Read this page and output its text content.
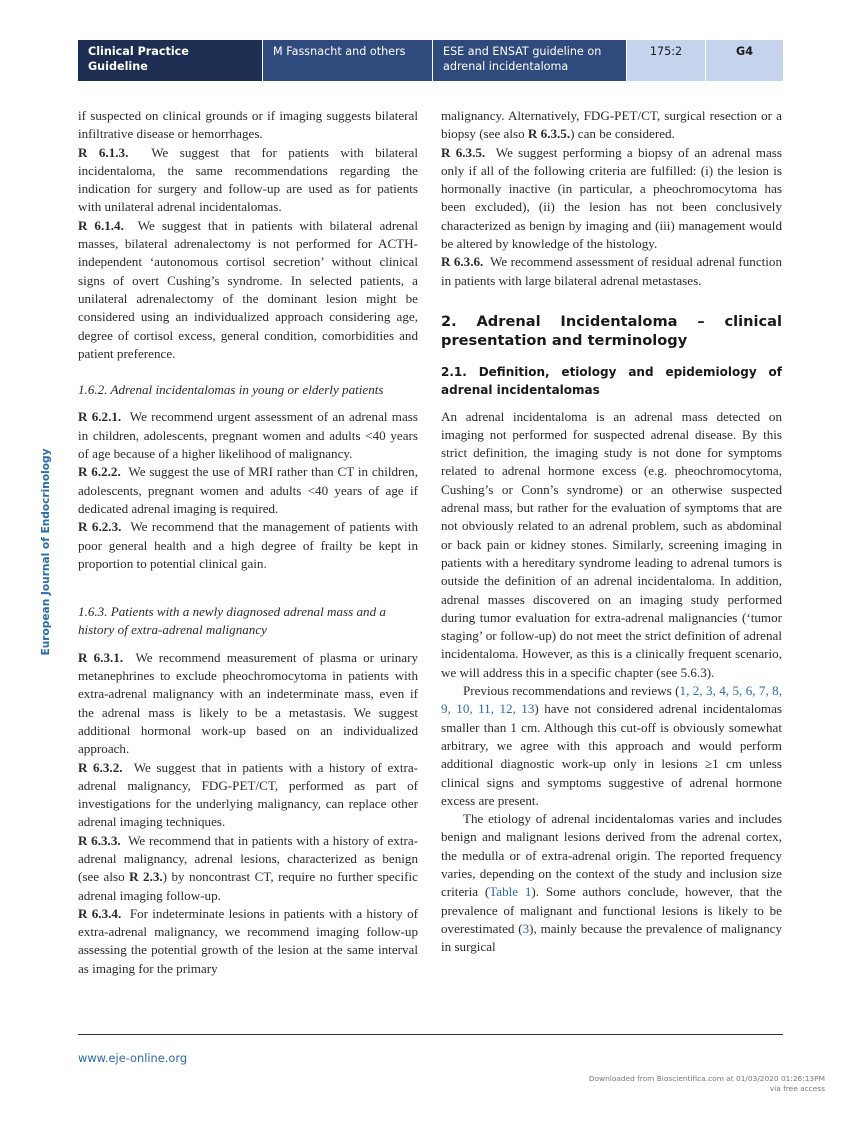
Clinical Practice Guideline
M Fassnacht and others	ESE and ENSAT guideline on
adrenal incidentaloma
175:2	G4
European Journal of Endocrinology

if suspected on clinical grounds or if imaging suggests bilateral infiltrative disease or hemorrhages.

R 6.1.3. We suggest that for patients with bilateral incidentaloma, the same recommendations regarding the indication for surgery and follow-up are used as for patients with unilateral adrenal incidentalomas.

R 6.1.4. We suggest that in patients with bilateral adrenal masses, bilateral adrenalectomy is not performed for ACTH-independent ‘autonomous cortisol secretion’ without clinical signs of overt Cushing’s syndrome. In selected patients, a unilateral adrenalectomy of the dominant lesion might be considered using an individualized approach considering age, degree of cortisol excess, general condition, comorbidities and patient preference.

1.6.2. Adrenal incidentalomas in young or elderly patients

R 6.2.1. We recommend urgent assessment of an adrenal mass in children, adolescents, pregnant women and adults <40 years of age because of a higher likelihood of malignancy.

R 6.2.2. We suggest the use of MRI rather than CT in children, adolescents, pregnant women and adults <40 years of age if dedicated adrenal imaging is required.

R 6.2.3. We recommend that the management of patients with poor general health and a high degree of frailty be kept in proportion to potential clinical gain.

1.6.3. Patients with a newly diagnosed adrenal mass and a history of extra-adrenal malignancy

R 6.3.1. We recommend measurement of plasma or urinary metanephrines to exclude pheochromocytoma in patients with extra-adrenal malignancy with an indeterminate mass, even if the adrenal mass is likely to be a metastasis. We suggest additional hormonal work-up based on an individualized approach.

R 6.3.2. We suggest that in patients with a history of extra-adrenal malignancy, FDG-PET/CT, performed as part of investigations for the underlying malignancy, can replace other adrenal imaging techniques.

R 6.3.3. We recommend that in patients with a history of extra-adrenal malignancy, adrenal lesions, characterized as benign (see also R 2.3.) by noncontrast CT, require no further specific adrenal imaging follow-up.

R 6.3.4. For indeterminate lesions in patients with a history of extra-adrenal malignancy, we recommend imaging follow-up assessing the potential growth of the lesion at the same interval as imaging for the primary

malignancy. Alternatively, FDG-PET/CT, surgical resection or a biopsy (see also R 6.3.5.) can be considered.

R 6.3.5. We suggest performing a biopsy of an adrenal mass only if all of the following criteria are fulfilled: (i) the lesion is hormonally inactive (in particular, a pheochromocytoma has been excluded), (ii) the lesion has not been conclusively characterized as benign by imaging and (iii) management would be altered by knowledge of the histology.

R 6.3.6. We recommend assessment of residual adrenal function in patients with large bilateral adrenal metastases.

2. Adrenal Incidentaloma – clinical presentation and terminology

2.1. Definition, etiology and epidemiology of adrenal incidentalomas

An adrenal incidentaloma is an adrenal mass detected on imaging not performed for suspected adrenal disease. By this strict definition, the imaging study is not done for symptoms related to adrenal hormone excess (e.g. pheochromocytoma, Cushing’s or Conn’s syndrome) or an otherwise suspected adrenal mass, but rather for the evaluation of symptoms that are not obviously related to an adrenal problem, such as abdominal or back pain or kidney stones. Similarly, screening imaging in patients with a hereditary syndrome leading to adrenal tumors is outside the definition of an adrenal incidentaloma. In addition, adrenal masses discovered on an imaging study performed during tumor evaluation for extra-adrenal malignancies (‘tumor staging’ or follow-up) do not meet the strict definition of adrenal incidentaloma. However, as this is a clinically frequent scenario, we will address this in a specific chapter (see 5.6.3).

Previous recommendations and reviews (1, 2, 3, 4, 5, 6, 7, 8, 9, 10, 11, 12, 13) have not considered adrenal incidentalomas smaller than 1 cm. Although this cut-off is obviously somewhat arbitrary, we agree with this approach and would perform additional diagnostic work-up only in lesions ≥1 cm unless clinical signs and symptoms suggestive of adrenal hormone excess are present.

The etiology of adrenal incidentalomas varies and includes benign and malignant lesions derived from the adrenal cortex, the medulla or of extra-adrenal origin. The reported frequency varies, depending on the context of the study and inclusion size criteria (Table 1). Some authors conclude, however, that the prevalence of malignant and functional lesions is likely to be overestimated (3), mainly because the prevalence of malignancy in surgical

www.eje-online.org
Downloaded from Bioscientifica.com at 01/03/2020 01:26:13PM
via free access
